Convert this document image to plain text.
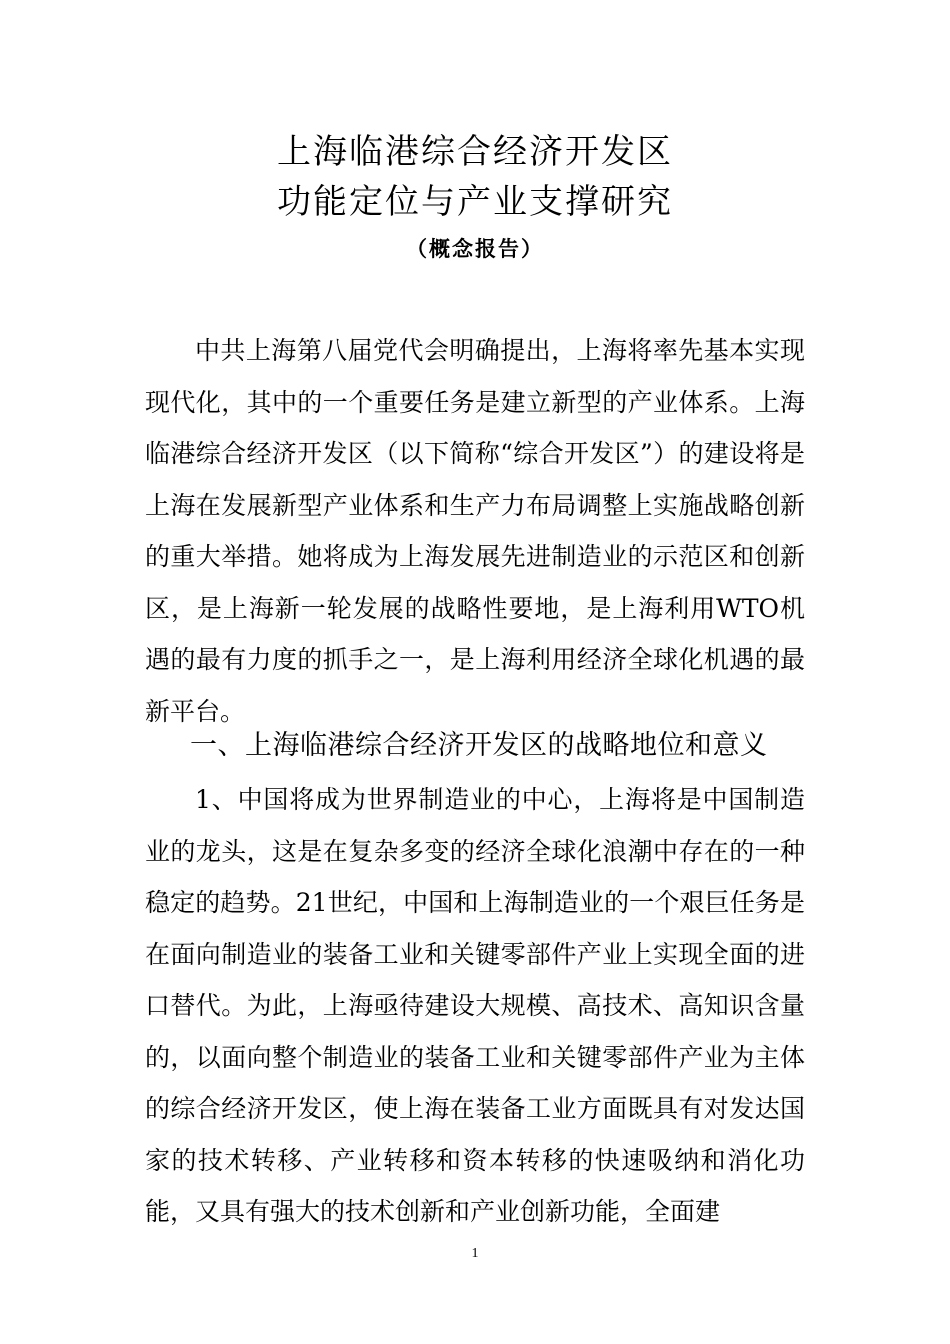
上海临港综合经济开发区
功能定位与产业支撑研究
（概念报告）

中共上海第八届党代会明确提出，上海将率先基本实现现代化，其中的一个重要任务是建立新型的产业体系。上海临港综合经济开发区（以下简称“综合开发区”）的建设将是上海在发展新型产业体系和生产力布局调整上实施战略创新的重大举措。她将成为上海发展先进制造业的示范区和创新区，是上海新一轮发展的战略性要地，是上海利用WTO机遇的最有力度的抓手之一，是上海利用经济全球化机遇的最新平台。

一、上海临港综合经济开发区的战略地位和意义

1、中国将成为世界制造业的中心，上海将是中国制造业的龙头，这是在复杂多变的经济全球化浪潮中存在的一种稳定的趋势。21世纪，中国和上海制造业的一个艰巨任务是在面向制造业的装备工业和关键零部件产业上实现全面的进口替代。为此，上海亟待建设大规模、高技术、高知识含量的，以面向整个制造业的装备工业和关键零部件产业为主体的综合经济开发区，使上海在装备工业方面既具有对发达国家的技术转移、产业转移和资本转移的快速吸纳和消化功能，又具有强大的技术创新和产业创新功能，全面建

1
